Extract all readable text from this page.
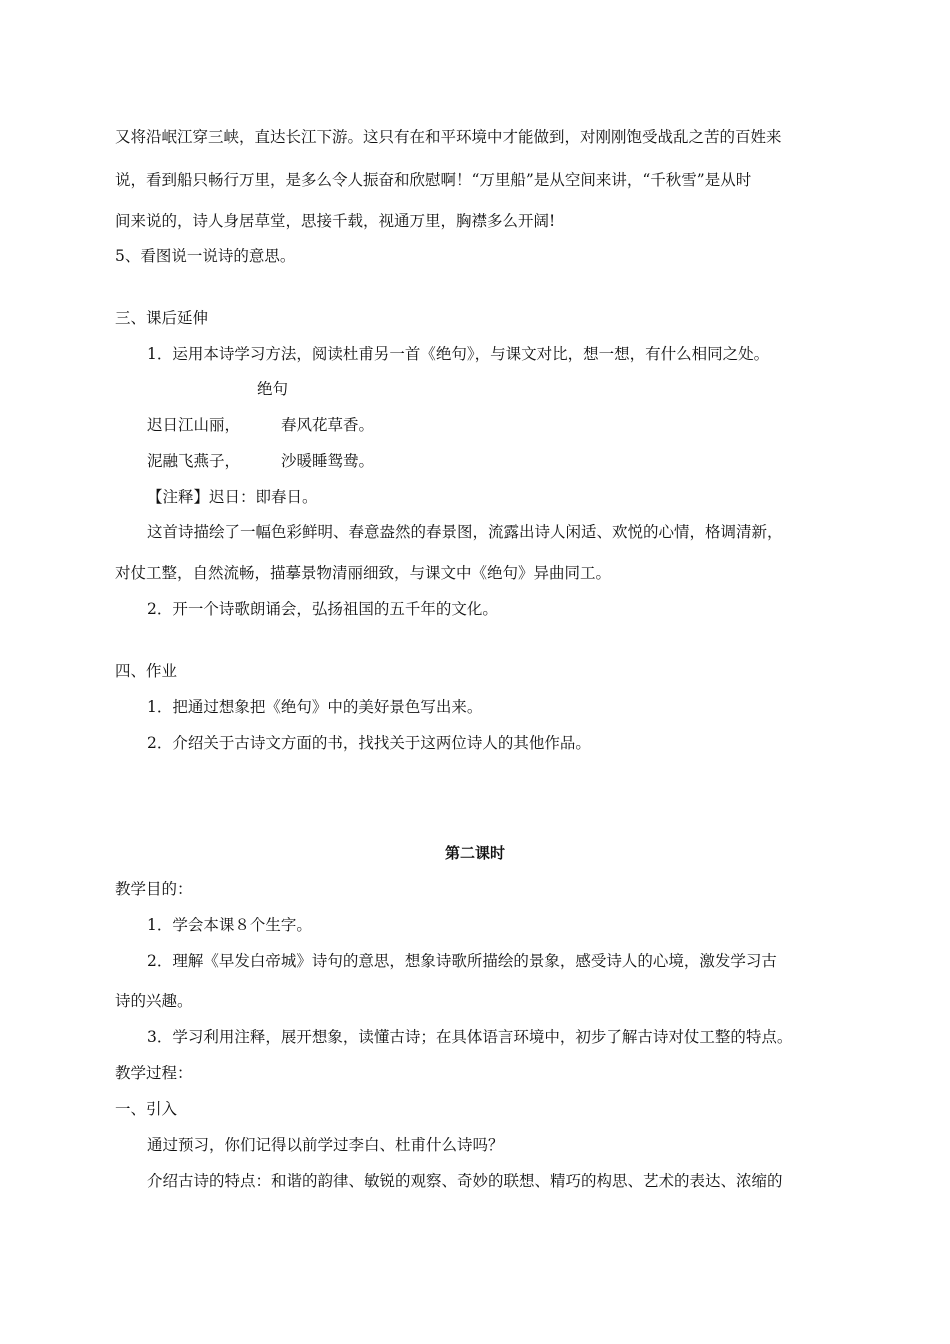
又将沿岷江穿三峡，直达长江下游。这只有在和平环境中才能做到，对刚刚饱受战乱之苦的百姓来
说，看到船只畅行万里，是多么令人振奋和欣慰啊！“万里船”是从空间来讲，“千秋雪”是从时
间来说的，诗人身居草堂，思接千载，视通万里，胸襟多么开阔!
5、看图说一说诗的意思。
三、课后延伸
1．运用本诗学习方法，阅读杜甫另一首《绝句》，与课文对比，想一想，有什么相同之处。
绝句
迟日江山丽，	春风花草香。
泥融飞燕子，	沙暖睡鸳鸯。
【注释】迟日：即春日。
这首诗描绘了一幅色彩鲜明、春意盎然的春景图，流露出诗人闲适、欢悦的心情，格调清新，
对仗工整，自然流畅，描摹景物清丽细致，与课文中《绝句》异曲同工。
2．开一个诗歌朗诵会，弘扬祖国的五千年的文化。
四、作业
1．把通过想象把《绝句》中的美好景色写出来。
2．介绍关于古诗文方面的书，找找关于这两位诗人的其他作品。
第二课时
教学目的：
1．学会本课８个生字。
2．理解《早发白帝城》诗句的意思，想象诗歌所描绘的景象，感受诗人的心境，激发学习古
诗的兴趣。
3．学习利用注释，展开想象，读懂古诗；在具体语言环境中，初步了解古诗对仗工整的特点。
教学过程：
一、引入
通过预习，你们记得以前学过李白、杜甫什么诗吗？
介绍古诗的特点：和谐的韵律、敏锐的观察、奇妙的联想、精巧的构思、艺术的表达、浓缩的
